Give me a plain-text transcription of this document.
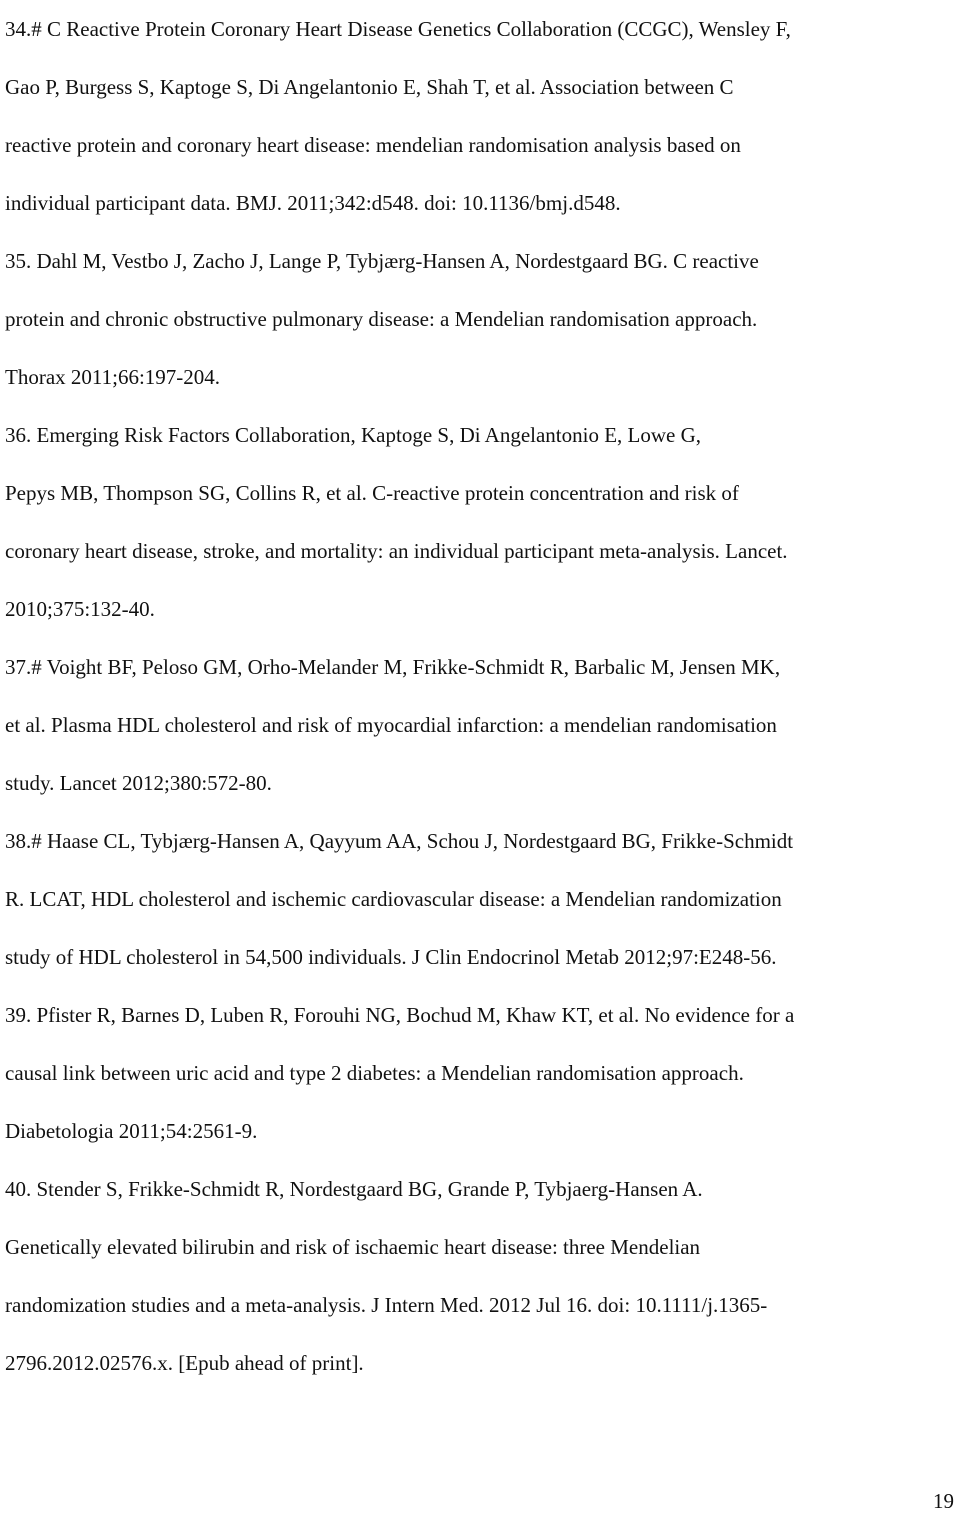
34.# C Reactive Protein Coronary Heart Disease Genetics Collaboration (CCGC), Wensley F,
Gao P, Burgess S, Kaptoge S, Di Angelantonio E, Shah T, et al. Association between C
reactive protein and coronary heart disease: mendelian randomisation analysis based on
individual participant data. BMJ. 2011;342:d548. doi: 10.1136/bmj.d548.
35. Dahl M, Vestbo J, Zacho J, Lange P, Tybjærg-Hansen A, Nordestgaard BG. C reactive
protein and chronic obstructive pulmonary disease: a Mendelian randomisation approach.
Thorax 2011;66:197-204.
36. Emerging Risk Factors Collaboration, Kaptoge S, Di Angelantonio E, Lowe G,
Pepys MB, Thompson SG, Collins R, et al. C-reactive protein concentration and risk of
coronary heart disease, stroke, and mortality: an individual participant meta-analysis. Lancet.
2010;375:132-40.
37.# Voight BF, Peloso GM, Orho-Melander M, Frikke-Schmidt R, Barbalic M, Jensen MK,
et al. Plasma HDL cholesterol and risk of myocardial infarction: a mendelian randomisation
study. Lancet 2012;380:572-80.
38.# Haase CL, Tybjærg-Hansen A, Qayyum AA, Schou J, Nordestgaard BG, Frikke-Schmidt
R. LCAT, HDL cholesterol and ischemic cardiovascular disease: a Mendelian randomization
study of HDL cholesterol in 54,500 individuals. J Clin Endocrinol Metab 2012;97:E248-56.
39. Pfister R, Barnes D, Luben R, Forouhi NG, Bochud M, Khaw KT, et al. No evidence for a
causal link between uric acid and type 2 diabetes: a Mendelian randomisation approach.
Diabetologia 2011;54:2561-9.
40. Stender S, Frikke-Schmidt R, Nordestgaard BG, Grande P, Tybjaerg-Hansen A.
Genetically elevated bilirubin and risk of ischaemic heart disease: three Mendelian
randomization studies and a meta-analysis. J Intern Med. 2012 Jul 16. doi: 10.1111/j.1365-
2796.2012.02576.x. [Epub ahead of print].
19
